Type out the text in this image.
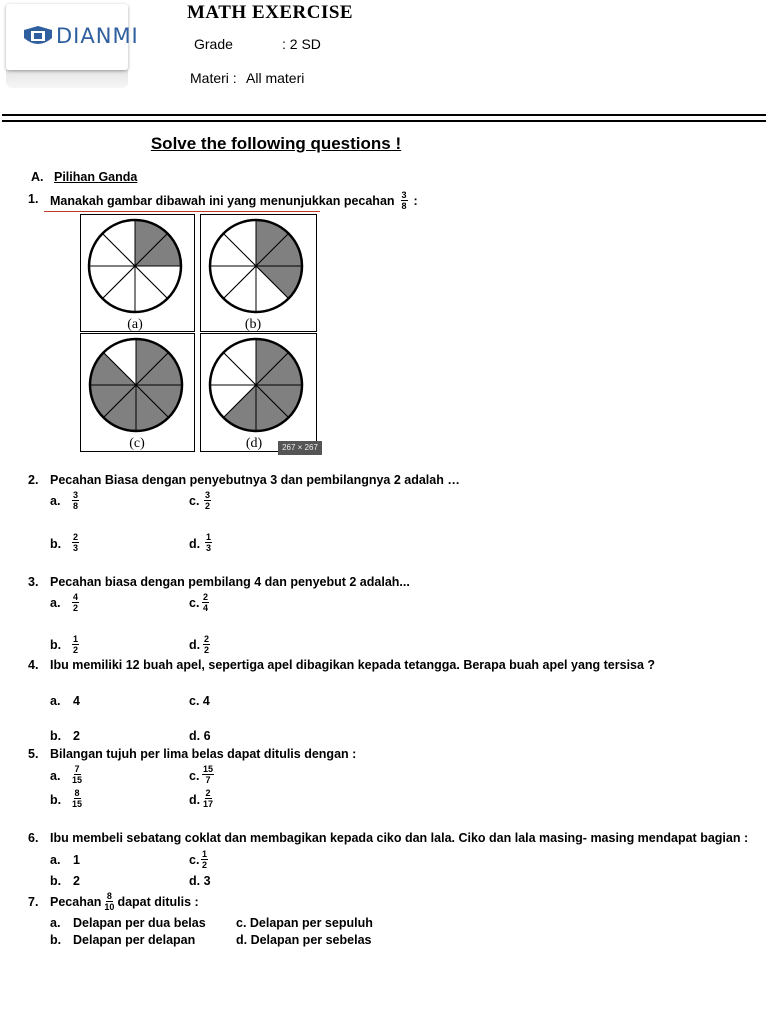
DIANMI
MATH EXERCISE
Grade	: 2 SD
Materi : All materi
Solve the following questions !
A. Pilihan Ganda
1. Manakah gambar dibawah ini yang menunjukkan pecahan $\frac{3}{8}$ :
(a)	(b)
(c)	(d)	267 × 267
2. Pecahan Biasa dengan penyebutnya 3 dan pembilangnya 2 adalah …
a. $\frac{3}{8}$	c. $\frac{3}{2}$
b. $\frac{2}{3}$	d. $\frac{1}{3}$
3. Pecahan biasa dengan pembilang 4 dan penyebut 2 adalah...
a. $\frac{4}{2}$	c. $\frac{2}{4}$
b. $\frac{1}{2}$	d. $\frac{2}{2}$
4. Ibu memiliki 12 buah apel, sepertiga apel dibagikan kepada tetangga. Berapa buah apel yang tersisa ?
a. 4	c. 4
b. 2	d. 6
5. Bilangan tujuh per lima belas dapat ditulis dengan :
a. $\frac{7}{15}$	c. $\frac{15}{7}$
b. $\frac{8}{15}$	d. $\frac{2}{17}$
6. Ibu membeli sebatang coklat dan membagikan kepada ciko dan lala. Ciko dan lala masing- masing mendapat bagian :
a. 1	c. $\frac{1}{2}$
b. 2	d. 3
7. Pecahan $\frac{8}{10}$ dapat ditulis :
a. Delapan per dua belas c. Delapan per sepuluh
b. Delapan per delapan	d. Delapan per sebelas
